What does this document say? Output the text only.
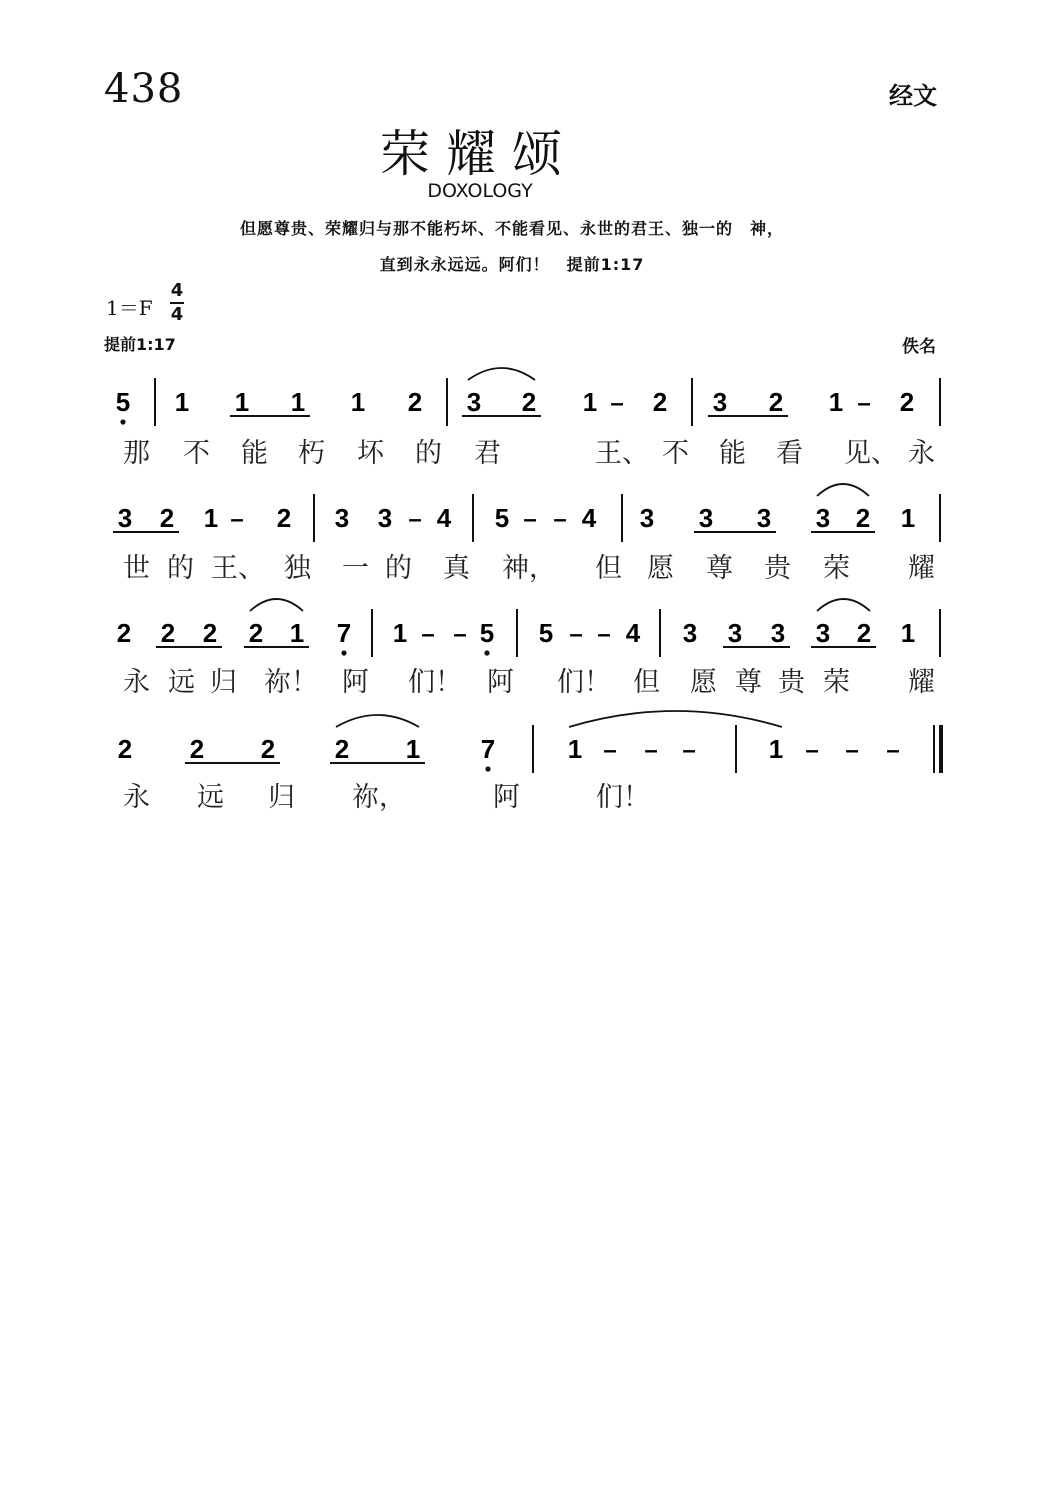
438	经文
荣耀颂
DOXOLOGY
但愿尊贵、荣耀归与那不能朽坏、不能看见、永世的君王、独一的　神，
直到永永远远。阿们！　提前1:17
1＝F
4
4
提前1:17	佚名
5 1 1 1 1 2 3 2 1 – 2 3 2 1 – 2
那 不 能 朽 坏 的 君	王、 不 能 看 见、 永
3 2 1 – 2 3 3 – 4 5 – – 4 3 3 3 3 2 1
世 的 王、 独 一 的 真 神， 但 愿 尊 贵 荣 耀
2 2 2 2 1 7 1 – – 5 5 – – 4 3 3 3 3 2 1
永 远 归 祢！ 阿 们！ 阿 们！ 但 愿 尊 贵 荣 耀
2 2 2 2 1 7	1 – – –	1 – – –
永 远 归 祢，	阿	们！
